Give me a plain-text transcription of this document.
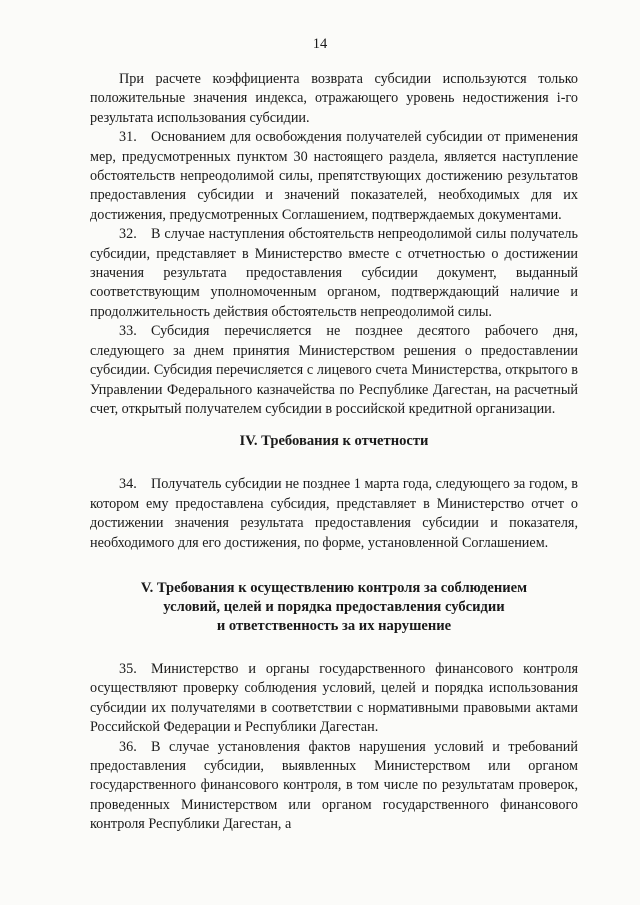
14

При расчете коэффициента возврата субсидии используются только положительные значения индекса, отражающего уровень недостижения i-го результата использования субсидии.

31. Основанием для освобождения получателей субсидии от применения мер, предусмотренных пунктом 30 настоящего раздела, является наступление обстоятельств непреодолимой силы, препятствующих достижению результатов предоставления субсидии и значений показателей, необходимых для их достижения, предусмотренных Соглашением, подтверждаемых документами.

32. В случае наступления обстоятельств непреодолимой силы получатель субсидии, представляет в Министерство вместе с отчетностью о достижении значения результата предоставления субсидии документ, выданный соответствующим уполномоченным органом, подтверждающий наличие и продолжительность действия обстоятельств непреодолимой силы.

33. Субсидия перечисляется не позднее десятого рабочего дня, следующего за днем принятия Министерством решения о предоставлении субсидии. Субсидия перечисляется с лицевого счета Министерства, открытого в Управлении Федерального казначейства по Республике Дагестан, на расчетный счет, открытый получателем субсидии в российской кредитной организации.

IV. Требования к отчетности

34. Получатель субсидии не позднее 1 марта года, следующего за годом, в котором ему предоставлена субсидия, представляет в Министерство отчет о достижении значения результата предоставления субсидии и показателя, необходимого для его достижения, по форме, установленной Соглашением.

V. Требования к осуществлению контроля за соблюдением
условий, целей и порядка предоставления субсидии
и ответственность за их нарушение

35. Министерство и органы государственного финансового контроля осуществляют проверку соблюдения условий, целей и порядка использования субсидии их получателями в соответствии с нормативными правовыми актами Российской Федерации и Республики Дагестан.

36. В случае установления фактов нарушения условий и требований предоставления субсидии, выявленных Министерством или органом государственного финансового контроля, в том числе по результатам проверок, проведенных Министерством или органом государственного финансового контроля Республики Дагестан, а
